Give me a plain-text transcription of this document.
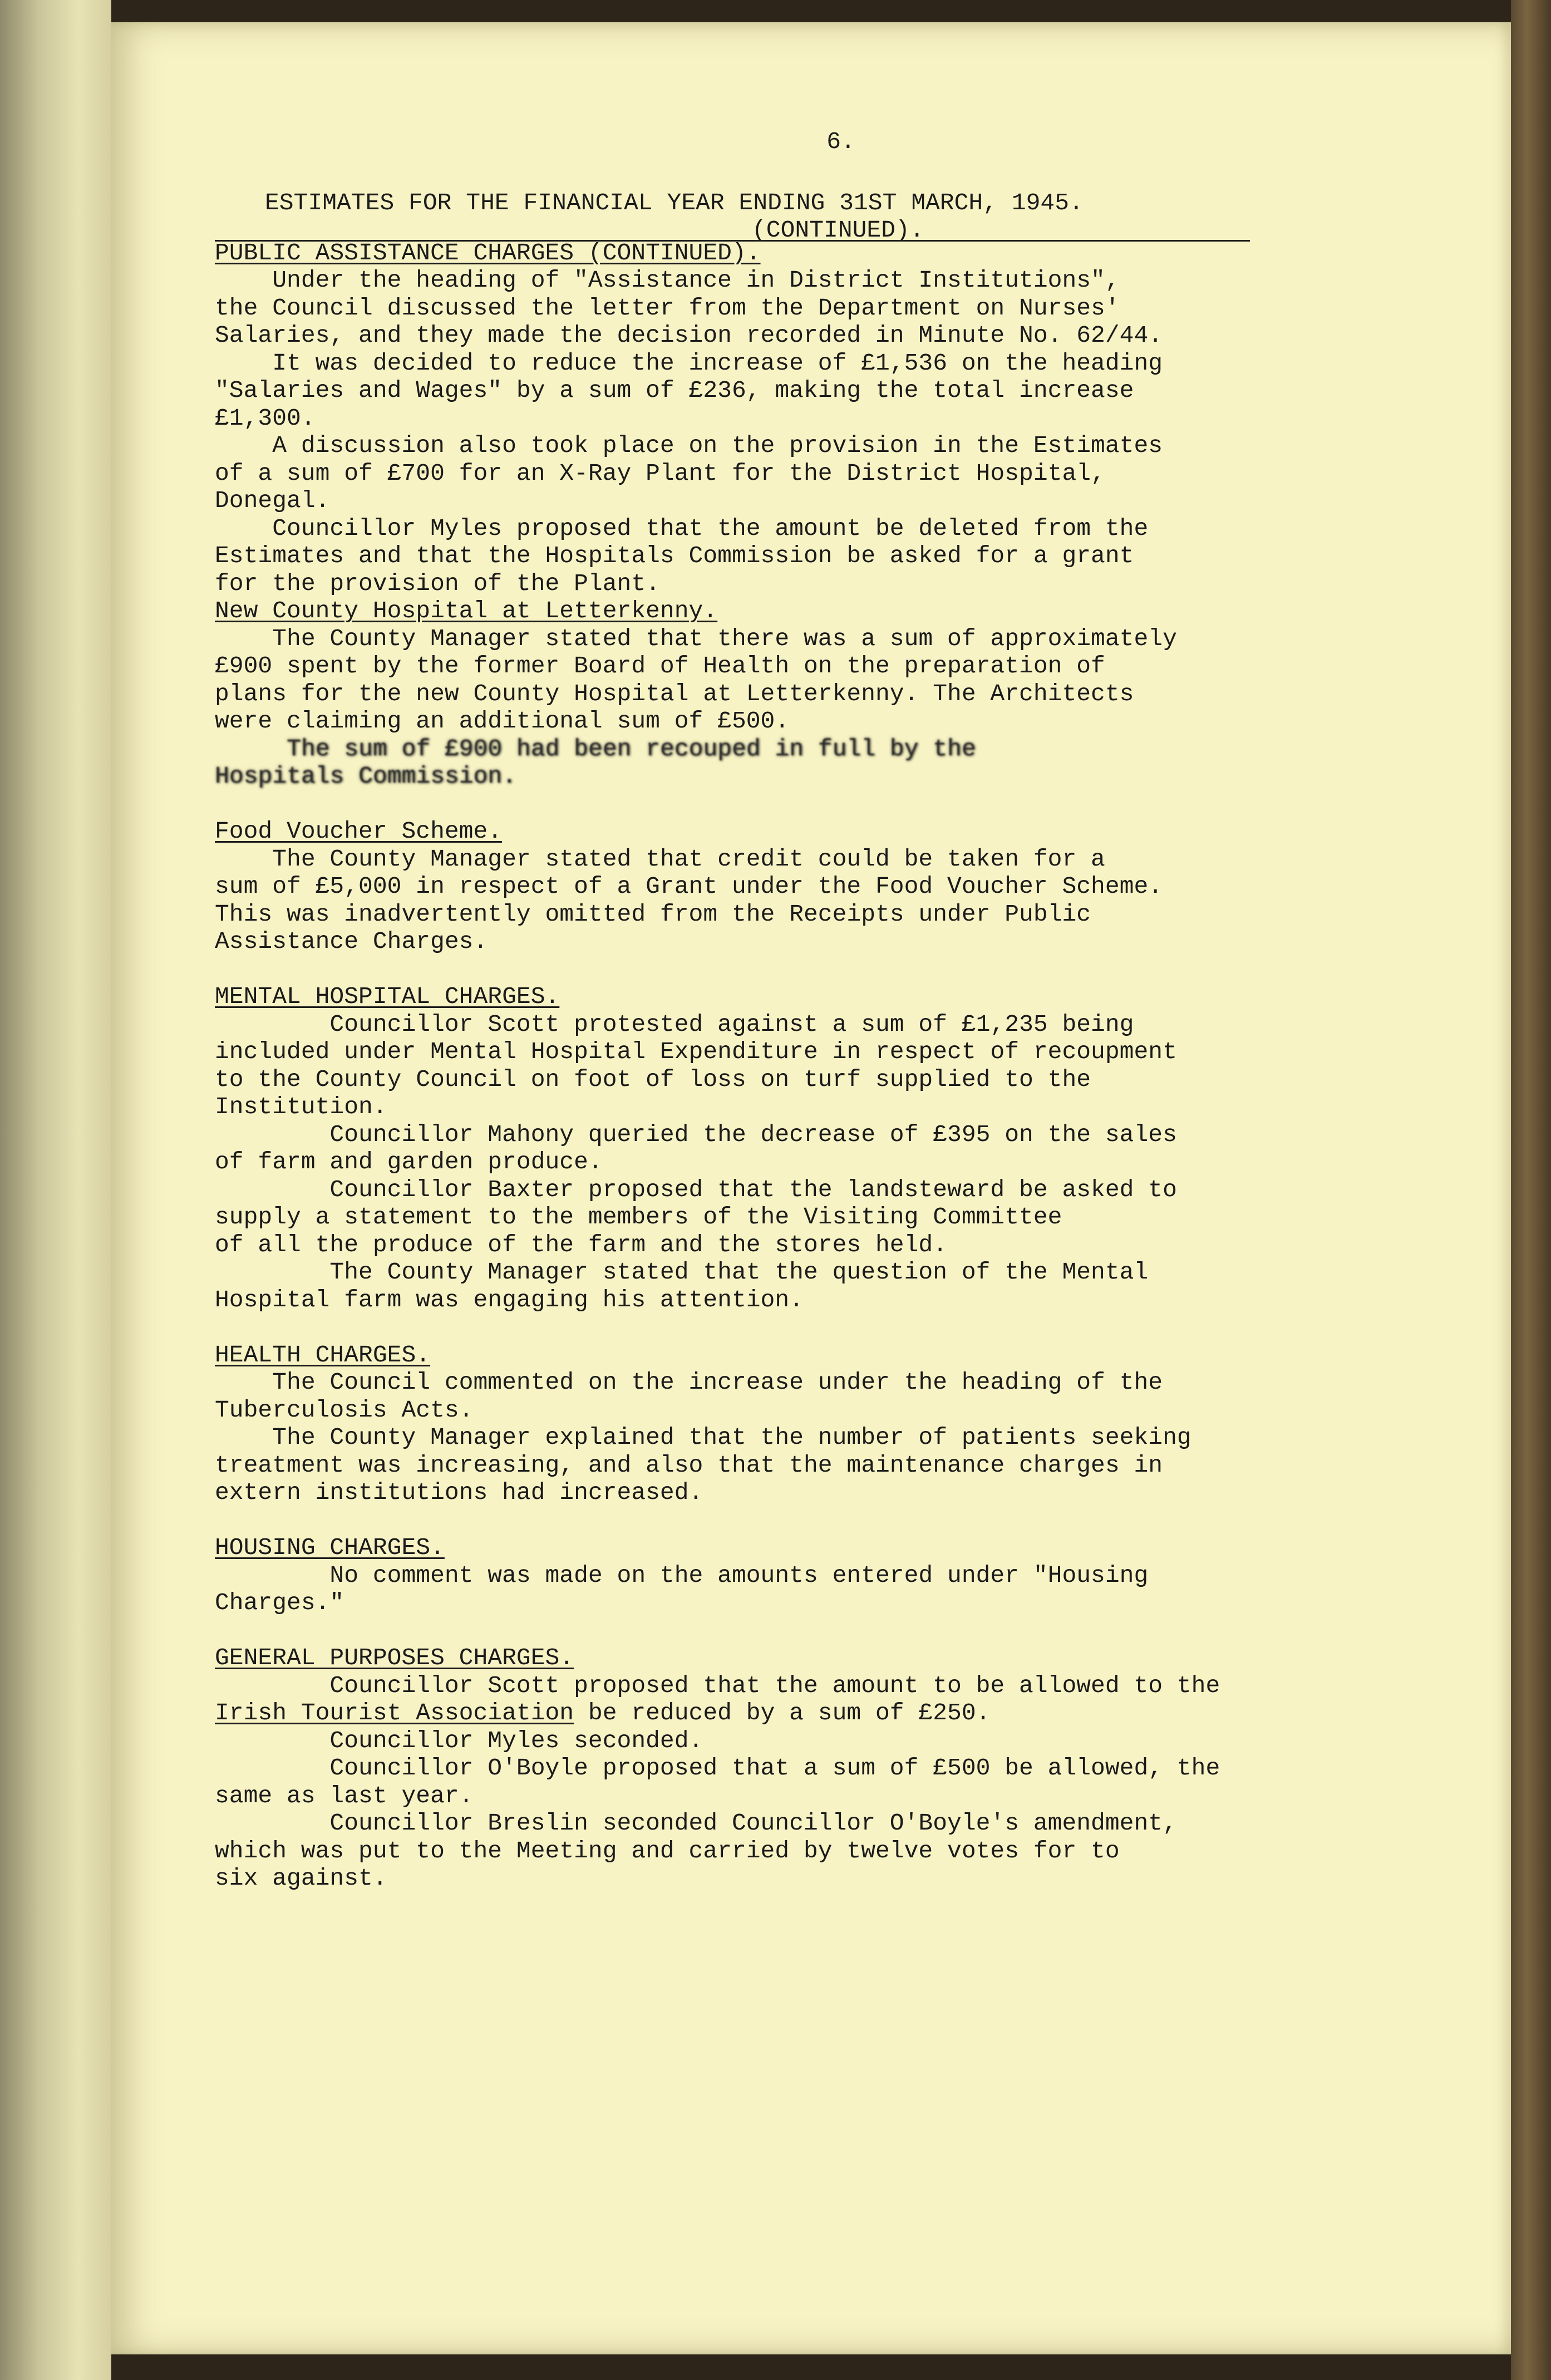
6.
ESTIMATES FOR THE FINANCIAL YEAR ENDING 31ST MARCH, 1945.
(CONTINUED).
PUBLIC ASSISTANCE CHARGES (CONTINUED).
Under the heading of "Assistance in District Institutions",
the Council discussed the letter from the Department on Nurses'
Salaries, and they made the decision recorded in Minute No. 62/44.
It was decided to reduce the increase of £1,536 on the heading
"Salaries and Wages" by a sum of £236, making the total increase
£1,300.
A discussion also took place on the provision in the Estimates
of a sum of £700 for an X-Ray Plant for the District Hospital,
Donegal.
Councillor Myles proposed that the amount be deleted from the
Estimates and that the Hospitals Commission be asked for a grant
for the provision of the Plant.
New County Hospital at Letterkenny.
The County Manager stated that there was a sum of approximately
£900 spent by the former Board of Health on the preparation of
plans for the new County Hospital at Letterkenny. The Architects
were claiming an additional sum of £500.
The sum of £900 had been recouped in full by the
Hospitals Commission.
Food Voucher Scheme.
The County Manager stated that credit could be taken for a
sum of £5,000 in respect of a Grant under the Food Voucher Scheme.
This was inadvertently omitted from the Receipts under Public
Assistance Charges.
MENTAL HOSPITAL CHARGES.
Councillor Scott protested against a sum of £1,235 being
included under Mental Hospital Expenditure in respect of recoupment
to the County Council on foot of loss on turf supplied to the
Institution.
Councillor Mahony queried the decrease of £395 on the sales
of farm and garden produce.
Councillor Baxter proposed that the landsteward be asked to
supply a statement to the members of the Visiting Committee
of all the produce of the farm and the stores held.
The County Manager stated that the question of the Mental
Hospital farm was engaging his attention.
HEALTH CHARGES.
The Council commented on the increase under the heading of the
Tuberculosis Acts.
The County Manager explained that the number of patients seeking
treatment was increasing, and also that the maintenance charges in
extern institutions had increased.
HOUSING CHARGES.
No comment was made on the amounts entered under "Housing
Charges."
GENERAL PURPOSES CHARGES.
Councillor Scott proposed that the amount to be allowed to the
Irish Tourist Association be reduced by a sum of £250.
Councillor Myles seconded.
Councillor O'Boyle proposed that a sum of £500 be allowed, the
same as last year.
Councillor Breslin seconded Councillor O'Boyle's amendment,
which was put to the Meeting and carried by twelve votes for to
six against.
